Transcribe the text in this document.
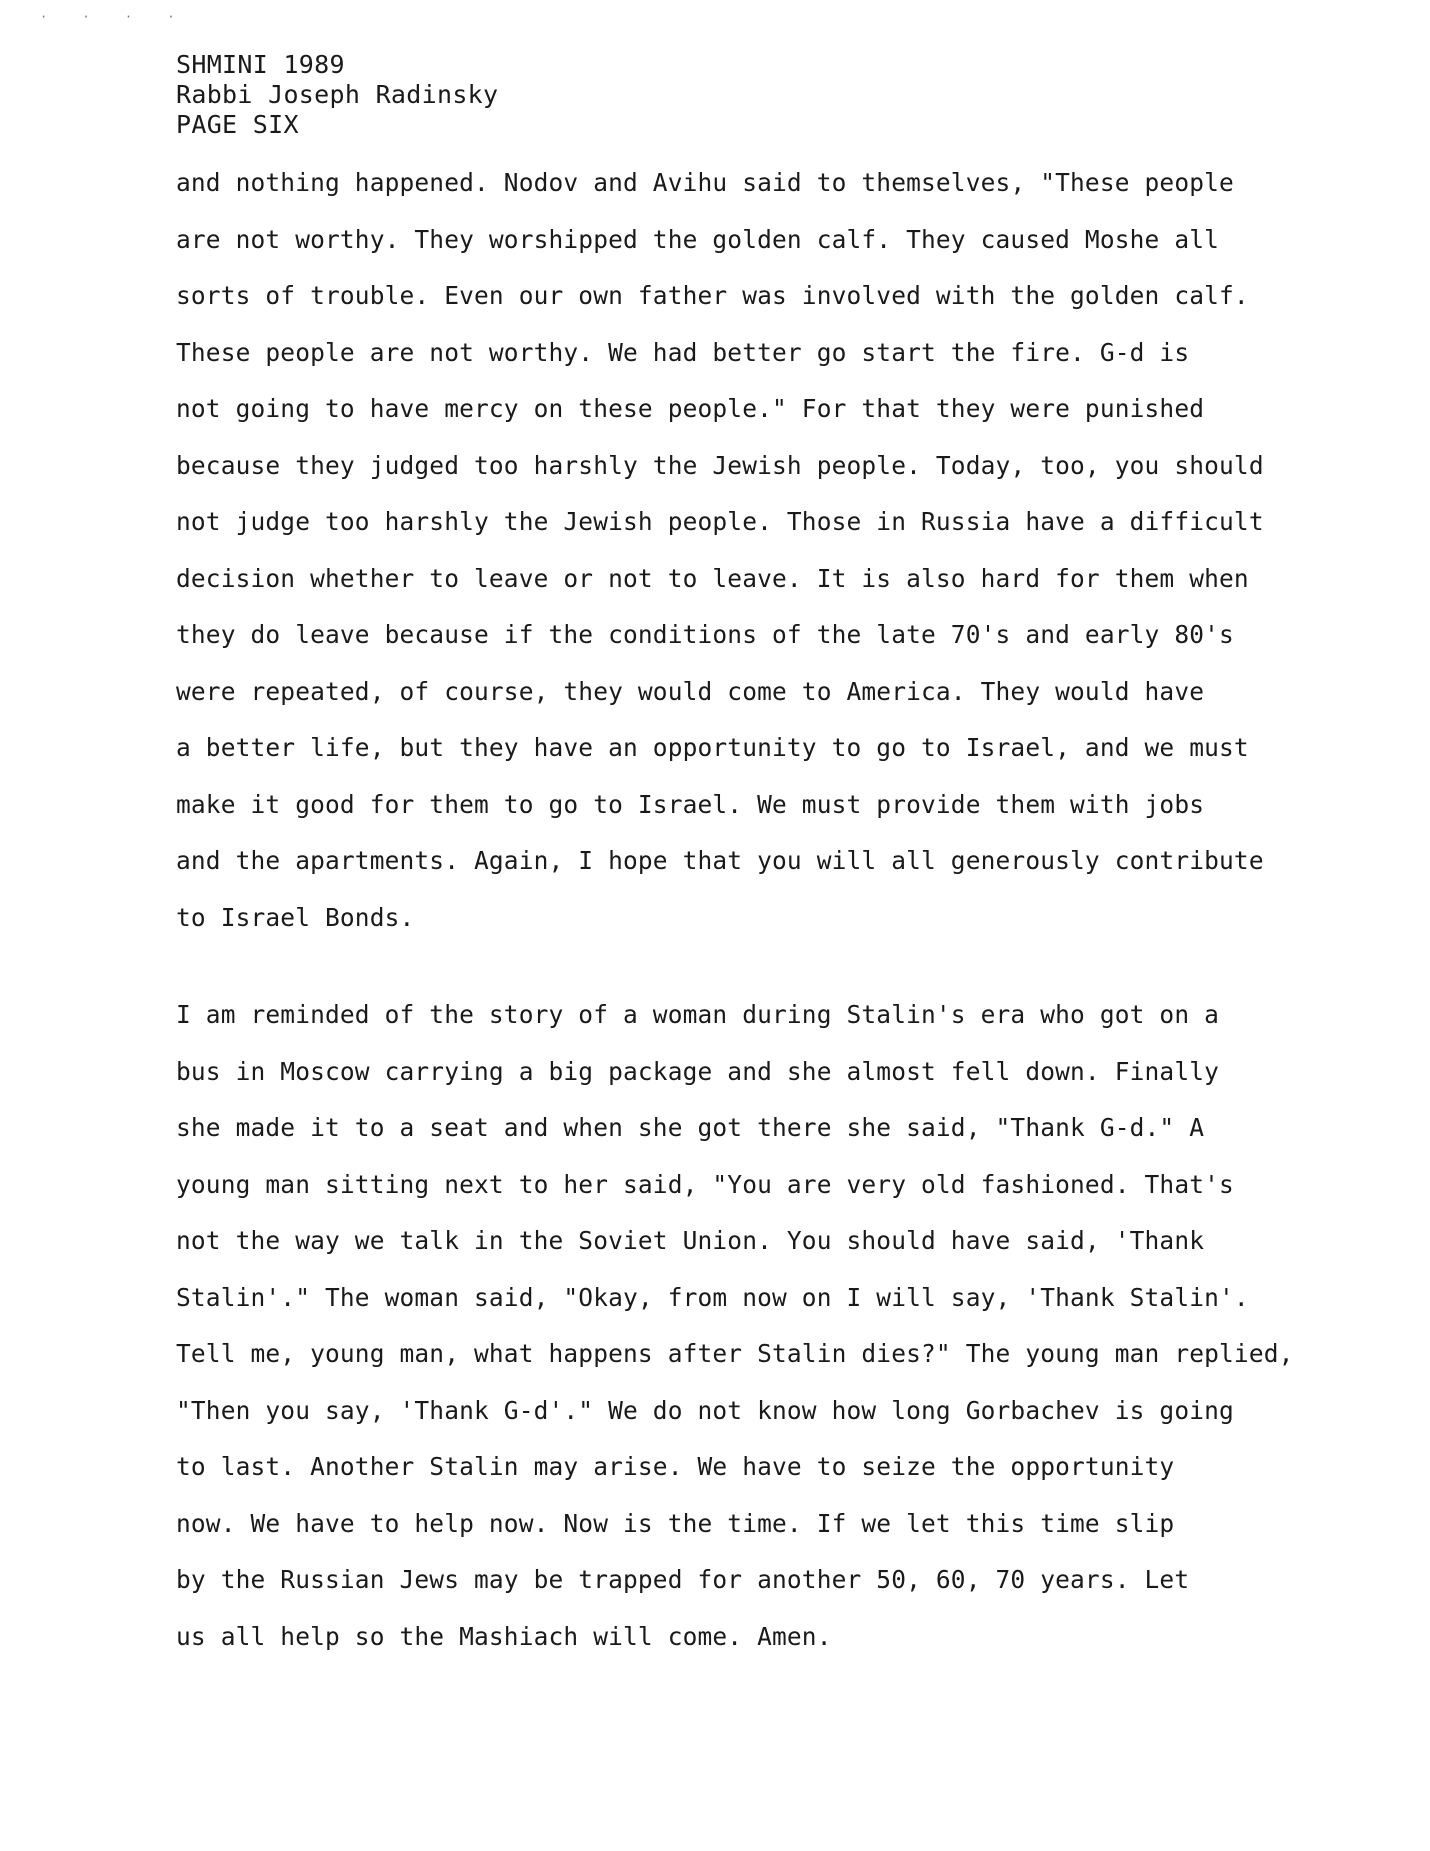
· · · ·
SHMINI 1989
Rabbi Joseph Radinsky
PAGE SIX
and nothing happened. Nodov and Avihu said to themselves, "These people
are not worthy. They worshipped the golden calf. They caused Moshe all
sorts of trouble. Even our own father was involved with the golden calf.
These people are not worthy. We had better go start the fire. G-d is
not going to have mercy on these people." For that they were punished
because they judged too harshly the Jewish people. Today, too, you should
not judge too harshly the Jewish people. Those in Russia have a difficult
decision whether to leave or not to leave. It is also hard for them when
they do leave because if the conditions of the late 70's and early 80's
were repeated, of course, they would come to America. They would have
a better life, but they have an opportunity to go to Israel, and we must
make it good for them to go to Israel. We must provide them with jobs
and the apartments. Again, I hope that you will all generously contribute
to Israel Bonds.
I am reminded of the story of a woman during Stalin's era who got on a
bus in Moscow carrying a big package and she almost fell down. Finally
she made it to a seat and when she got there she said, "Thank G-d." A
young man sitting next to her said, "You are very old fashioned. That's
not the way we talk in the Soviet Union. You should have said, 'Thank
Stalin'." The woman said, "Okay, from now on I will say, 'Thank Stalin'.
Tell me, young man, what happens after Stalin dies?" The young man replied,
"Then you say, 'Thank G-d'." We do not know how long Gorbachev is going
to last. Another Stalin may arise. We have to seize the opportunity
now. We have to help now. Now is the time. If we let this time slip
by the Russian Jews may be trapped for another 50, 60, 70 years. Let
us all help so the Mashiach will come. Amen.
